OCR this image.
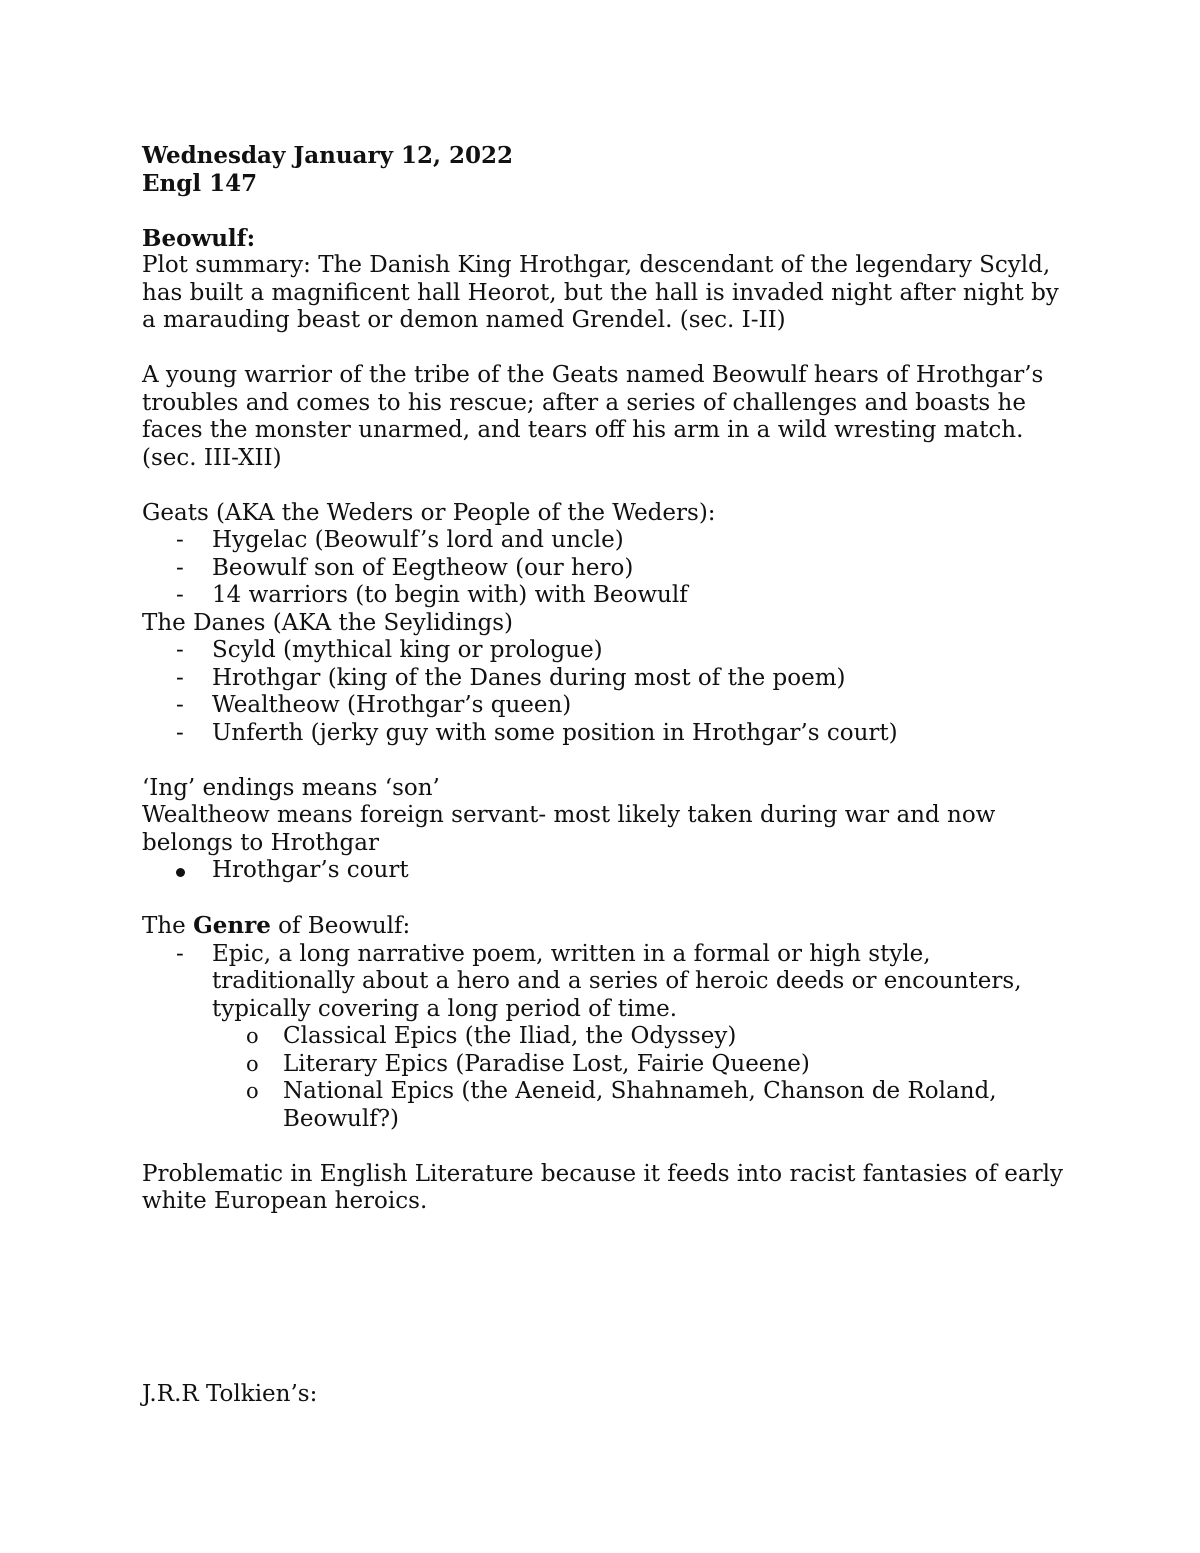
Wednesday January 12, 2022

Engl 147

Beowulf:

Plot summary: The Danish King Hrothgar, descendant of the legendary Scyld, has built a magnificent hall Heorot, but the hall is invaded night after night by a marauding beast or demon named Grendel. (sec. I-II)

A young warrior of the tribe of the Geats named Beowulf hears of Hrothgar’s troubles and comes to his rescue; after a series of challenges and boasts he faces the monster unarmed, and tears off his arm in a wild wresting match. (sec. III-XII)

Geats (AKA the Weders or People of the Weders):

- Hygelac (Beowulf’s lord and uncle)
- Beowulf son of Eegtheow (our hero)
- 14 warriors (to begin with) with Beowulf

The Danes (AKA the Seylidings)

- Scyld (mythical king or prologue)
- Hrothgar (king of the Danes during most of the poem)
- Wealtheow (Hrothgar’s queen)
- Unferth (jerky guy with some position in Hrothgar’s court)

‘Ing’ endings means ‘son’

Wealtheow means foreign servant- most likely taken during war and now belongs to Hrothgar

Hrothgar’s court

The Genre of Beowulf:

- Epic, a long narrative poem, written in a formal or high style, traditionally about a hero and a series of heroic deeds or encounters, typically covering a long period of time.
o Classical Epics (the Iliad, the Odyssey)
o Literary Epics (Paradise Lost, Fairie Queene)
o National Epics (the Aeneid, Shahnameh, Chanson de Roland, Beowulf?)

Problematic in English Literature because it feeds into racist fantasies of early white European heroics.

J.R.R Tolkien’s:
